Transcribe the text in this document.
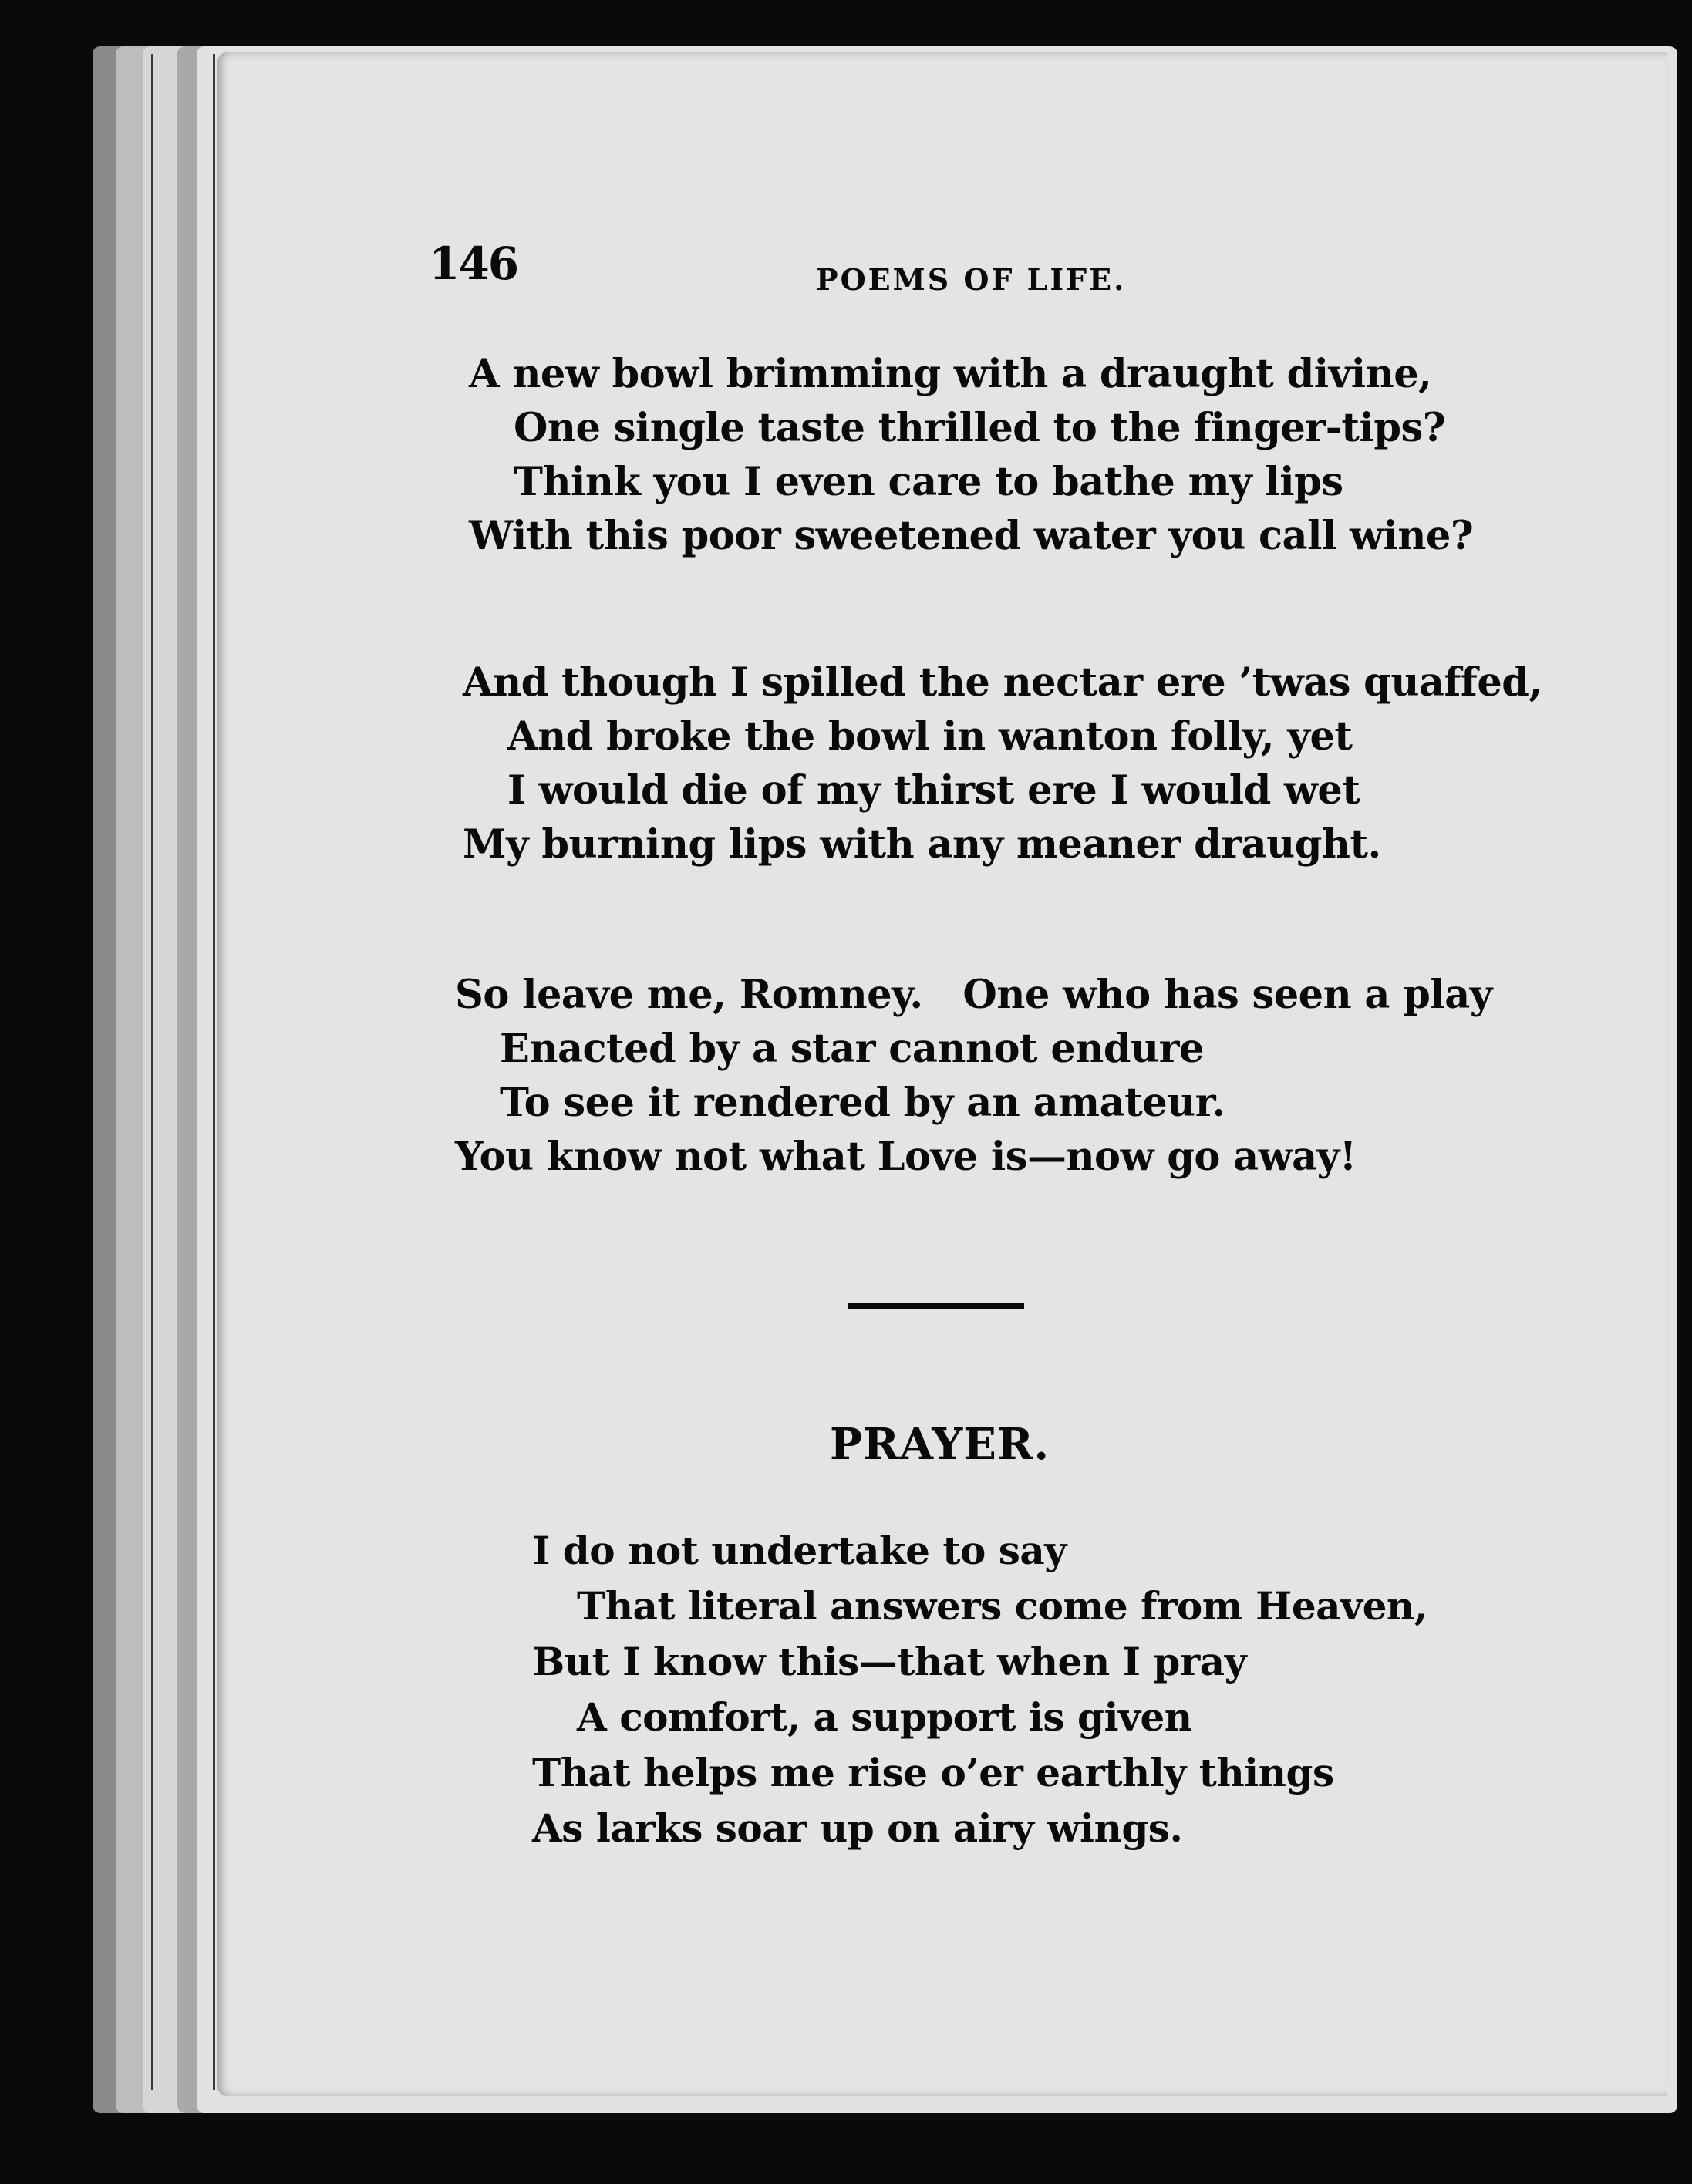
146	POEMS OF LIFE.
A new bowl brimming with a draught divine,
One single taste thrilled to the finger-tips?
Think you I even care to bathe my lips
With this poor sweetened water you call wine?
And though I spilled the nectar ere ’twas quaffed,
And broke the bowl in wanton folly, yet
I would die of my thirst ere I would wet
My burning lips with any meaner draught.
So leave me, Romney.   One who has seen a play
Enacted by a star cannot endure
To see it rendered by an amateur.
You know not what Love is—now go away!
PRAYER.
I do not undertake to say
That literal answers come from Heaven,
But I know this—that when I pray
A comfort, a support is given
That helps me rise o’er earthly things
As larks soar up on airy wings.
